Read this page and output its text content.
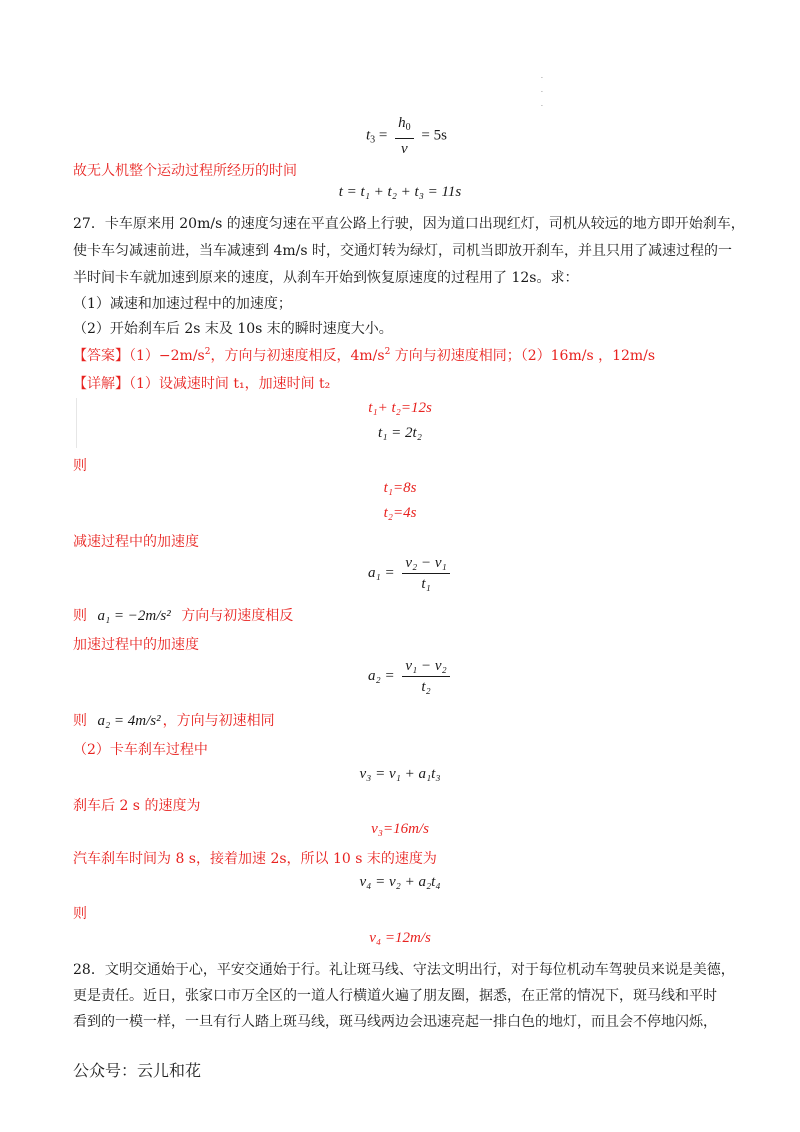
·
·
·
$t_3 = \frac{h_0}{v} = 5s$
故无人机整个运动过程所经历的时间
t = t₁ + t₂ + t₃ = 11s
27．卡车原来用 20m/s 的速度匀速在平直公路上行驶，因为道口出现红灯，司机从较远的地方即开始刹车，
使卡车匀减速前进，当车减速到 4m/s 时，交通灯转为绿灯，司机当即放开刹车，并且只用了减速过程的一
半时间卡车就加速到原来的速度，从刹车开始到恢复原速度的过程用了 12s。求：
（1）减速和加速过程中的加速度；
（2）开始刹车后 2s 末及 10s 末的瞬时速度大小。
【答案】$(1)-2m/s^2$，方向与初速度相反，$4m/s^2$ 方向与初速度相同；（2）16m/s ，12m/s
【详解】（1）设减速时间 t₁，加速时间 t₂
t₁+ t₂=12s
t₁ = 2t₂
则
t₁=8s
t₂=4s
减速过程中的加速度
$a_1 = \frac{\text{v₂ − v₁}}{\text{t₁}}$
则 a₁ = −2m/s² 方向与初速度相反
加速过程中的加速度
$a_2 = \frac{\text{v₁ − v₂}}{\text{t₂}}$
则 a₂ = 4m/s² ，方向与初速相同
（2）卡车刹车过程中
v₃ = v₁ + a₁t₃
刹车后 2 s 的速度为
v₃=16m/s
汽车刹车时间为 8 s，接着加速 2s，所以 10 s 末的速度为
v₄ = v₂ + a₂t₄
则
v₄ =12m/s
28．文明交通始于心，平安交通始于行。礼让斑马线、守法文明出行，对于每位机动车驾驶员来说是美德，
更是责任。近日，张家口市万全区的一道人行横道火遍了朋友圈，据悉，在正常的情况下，斑马线和平时
看到的一模一样，一旦有行人踏上斑马线，斑马线两边会迅速亮起一排白色的地灯，而且会不停地闪烁，
公众号：云儿和花
